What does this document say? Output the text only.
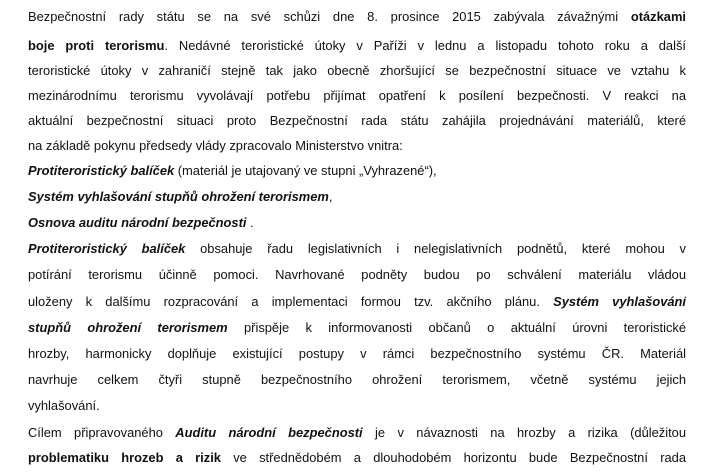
Bezpečnostní rady státu se na své schůzi dne 8. prosince 2015 zabývala závažnými otázkami
boje proti terorismu. Nedávné teroristické útoky v Paříži v lednu a listopadu tohoto roku a další
teroristické útoky v zahraničí stejně tak jako obecně zhoršující se bezpečnostní situace ve vztahu k
mezinárodnímu terorismu vyvolávají potřebu přijímat opatření k posílení bezpečnosti. V reakci na
aktuální bezpečnostní situaci proto Bezpečnostní rada státu zahájila projednávání materiálů, které
na základě pokynu předsedy vlády zpracovalo Ministerstvo vnitra:
Protiteroristický balíček (materiál je utajovaný ve stupni „Vyhrazené“),
Systém vyhlašování stupňů ohrožení terorismem,
Osnova auditu národní bezpečnosti .
Protiteroristický balíček obsahuje řadu legislativních i nelegislativních podnětů, které mohou v
potírání terorismu účinně pomoci. Navrhované podněty budou po schválení materiálu vládou
uloženy k dalšímu rozpracování a implementaci formou tzv. akčního plánu. Systém vyhlašování
stupňů ohrožení terorismem přispěje k informovanosti občanů o aktuální úrovni teroristické
hrozby, harmonicky doplňuje existující postupy v rámci bezpečnostního systému ČR. Materiál
navrhuje celkem čtyři stupně bezpečnostního ohrožení terorismem, včetně systému jejich
vyhlašování.
Cílem připravovaného Auditu národní bezpečnosti je v návaznosti na hrozby a rizika (důležitou
problematiku hrozeb a rizik ve střednědobém a dlouhodobém horizontu bude Bezpečnostní rada
